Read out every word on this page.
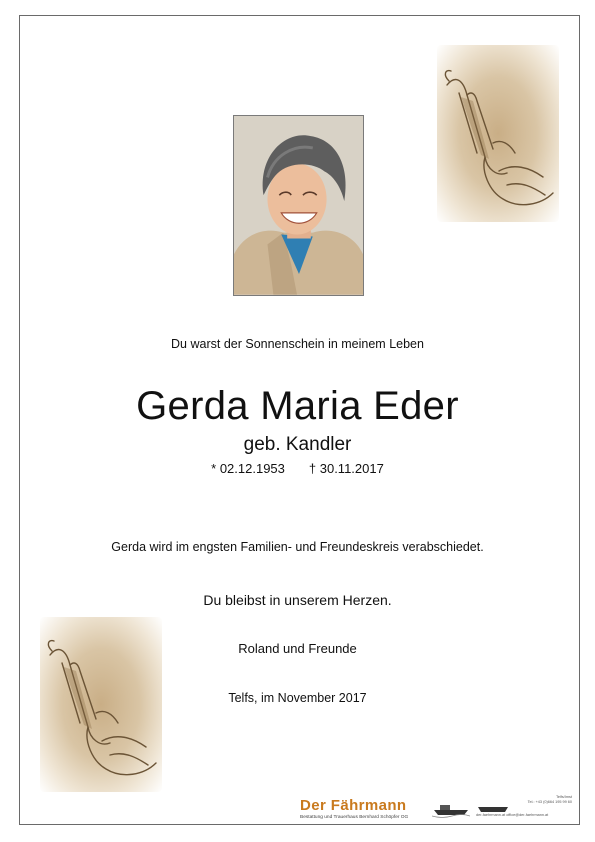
Du warst der Sonnenschein in meinem Leben
Gerda Maria Eder
geb. Kandler
* 02.12.1953 † 30.11.2017
Gerda wird im engsten Familien- und Freundeskreis verabschiedet.
Du bleibst in unserem Herzen.
Roland und Freunde
Telfs, im November 2017
Der Fährmann
Bestattung und Trauerhaus Bernhard Schöpfer OG
Telfs/Imst
Tel.: +43 (0)664 195 99 60
der-faehrmann.at office@der-faehrmann.at
